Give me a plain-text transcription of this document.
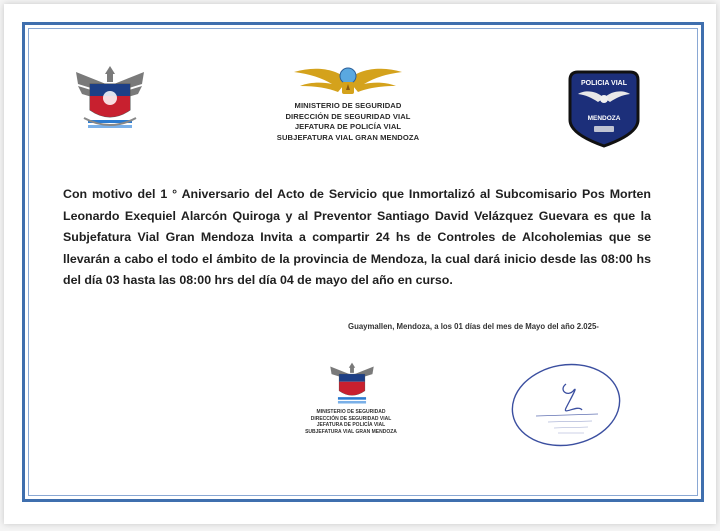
MINISTERIO DE SEGURIDAD
DIRECCIÓN DE SEGURIDAD VIAL
JEFATURA DE POLICÍA VIAL
SUBJEFATURA VIAL GRAN MENDOZA
POLICIA VIAL
MENDOZA
Con motivo del 1 ° Aniversario del Acto de Servicio que Inmortalizó al Subcomisario Pos Morten Leonardo Exequiel Alarcón Quiroga y al Preventor Santiago David Velázquez Guevara es que la Subjefatura Vial Gran Mendoza Invita a compartir 24 hs de Controles de Alcoholemias que se llevarán a cabo el todo el ámbito de la provincia de Mendoza, la cual dará inicio desde las 08:00 hs del día 03 hasta las 08:00 hrs del día 04 de mayo del año en curso.
Guaymallen, Mendoza, a los 01 días del mes de Mayo del año 2.025-
MINISTERIO DE SEGURIDAD
DIRECCIÓN DE SEGURIDAD VIAL
JEFATURA DE POLICÍA VIAL
SUBJEFATURA VIAL GRAN MENDOZA
